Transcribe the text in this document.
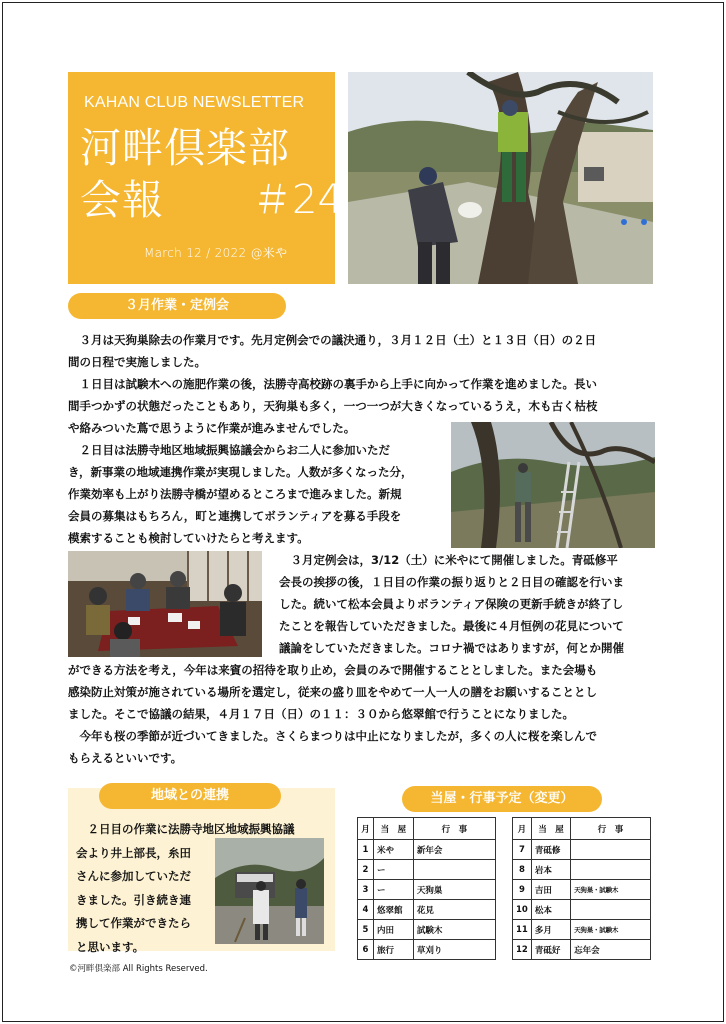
KAHAN CLUB NEWSLETTER
河畔倶楽部
会報 ＃24
March 12 / 2022 @米や
３月作業・定例会
　３月は天狗巣除去の作業月です。先月定例会での議決通り，３月１２日（土）と１３日（日）の２日
間の日程で実施しました。
　１日目は試験木への施肥作業の後，法勝寺高校跡の裏手から上手に向かって作業を進めました。長い
間手つかずの状態だったこともあり，天狗巣も多く，一つ一つが大きくなっているうえ，木も古く枯枝
や絡みついた蔦で思うように作業が進みませんでした。
　２日目は法勝寺地区地域振興協議会からお二人に参加いただ
き，新事業の地域連携作業が実現しました。人数が多くなった分，
作業効率も上がり法勝寺橋が望めるところまで進みました。新規
会員の募集はもちろん，町と連携してボランティアを募る手段を
模索することも検討していけたらと考えます。
　３月定例会は，3/12（土）に米やにて開催しました。青砥修平
会長の挨拶の後，１日目の作業の振り返りと２日目の確認を行いま
した。続いて松本会員よりボランティア保険の更新手続きが終了し
たことを報告していただきました。最後に４月恒例の花見について
議論をしていただきました。コロナ禍ではありますが，何とか開催
ができる方法を考え，今年は来賓の招待を取り止め，会員のみで開催することとしました。また会場も
感染防止対策が施されている場所を選定し，従来の盛り皿をやめて一人一人の膳をお願いすることとし
ました。そこで協議の結果，４月１７日（日）の１１：３０から悠翠館で行うことになりました。
　今年も桜の季節が近づいてきました。さくらまつりは中止になりましたが，多くの人に桜を楽しんで
もらえるといいです。
地域との連携
　２日目の作業に法勝寺地区地域振興協議
会より井上部長，糸田
さんに参加していただ
きました。引き続き連
携して作業ができたら
と思います。
当屋・行事予定（変更）
月	当　屋	行　事
1	米や	新年会
2	ー	
3	ー	天狗巣
4	悠翠館	花見
5	内田	試験木
6	旅行	草刈り
月	当　屋	行　事
7	青砥修	
8	岩本	
9	吉田	天狗巣・試験木
10	松本	
11	多月	天狗巣・試験木
12	青砥好	忘年会
©河畔倶楽部 All Rights Reserved.
